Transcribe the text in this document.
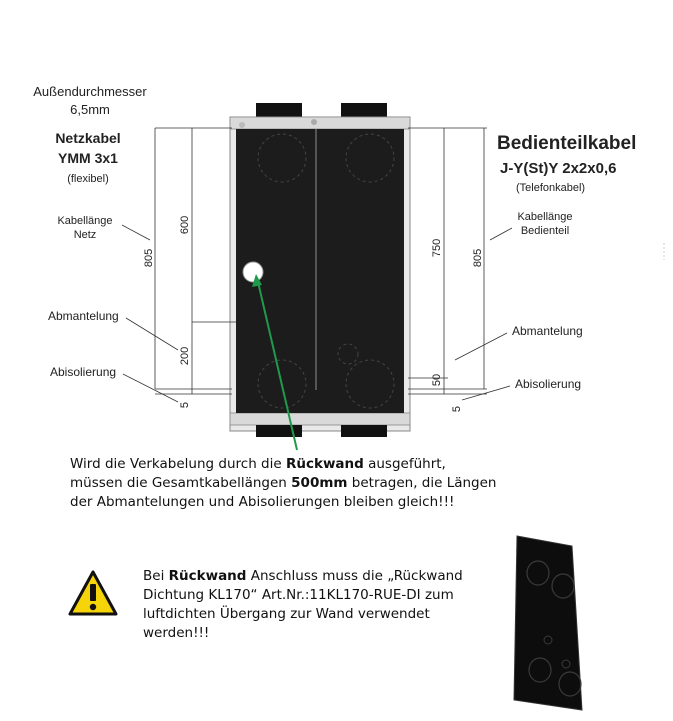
805
600
200
5
750
805
50
5
Außendurchmesser
6,5mm
Netzkabel
YMM 3x1
(flexibel)
Kabellänge
Netz
Abmantelung
Abisolierung
Bedienteilkabel
J-Y(St)Y 2x2x0,6
(Telefonkabel)
Kabellänge
Bedienteil
Abmantelung
Abisolierung
Wird die Verkabelung durch die Rückwand ausgeführt,
müssen die Gesamtkabellängen 500mm betragen, die Längen
der Abmantelungen und Abisolierungen bleiben gleich!!!
Bei Rückwand Anschluss muss die „Rückwand
Dichtung KL170“ Art.Nr.:11KL170-RUE-DI zum
luftdichten Übergang zur Wand verwendet
werden!!!
